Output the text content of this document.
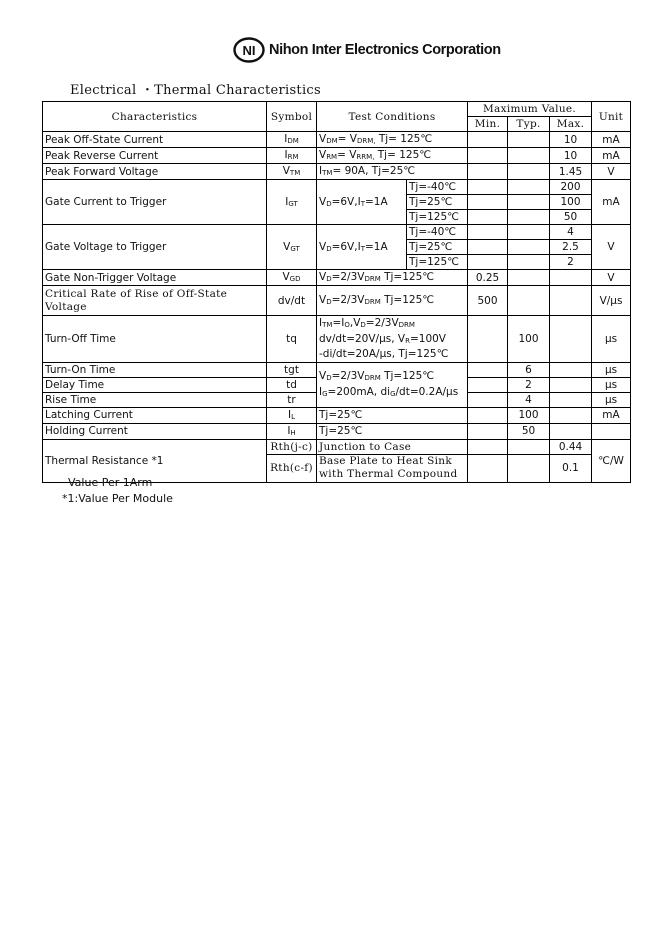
NI Nihon Inter Electronics Corporation
Electrical ・Thermal Characteristics
Characteristics	Symbol	Test Conditions		Maximum Value.			Unit
				Min.	Typ.	Max.	
Peak Off-State Current	$I_{DM}$	$V_{DM}= V_{DRM,}$ Tj= 125℃				10	mA
Peak Reverse Current	$I_{RM}$	$V_{RM}= V_{RRM,}$ Tj= 125℃				10	mA
Peak Forward Voltage	$V_{TM}$	$I_{TM}= 90A$, Tj=25℃				1.45	V
Gate Current to Trigger	$I_{GT}$	$V_D=6V,I_T=1A$	Tj=-40℃			200	mA
			Tj=25℃			100	
			Tj=125℃			50	
Gate Voltage to Trigger	$V_{GT}$	$V_D=6V,I_T=1A$	Tj=-40℃			4	V
			Tj=25℃			2.5	
			Tj=125℃			2	
Gate Non-Trigger Voltage	$V_{GD}$	$V_D=2/3V_{DRM}$ Tj=125℃		0.25			V
Critical Rate of Rise of Off-State Voltage	dv/dt	$V_D=2/3V_{DRM}$ Tj=125℃		500			V/μs
Turn-Off Time	tq	$I_{TM}=I_O,V_D=2/3V_{DRM}$
dv/dt=20V/μs, $V_R=100V$
-di/dt=20A/μs, Tj=125℃			100		μs
Turn-On Time	tgt	$V_D=2/3V_{DRM}$ Tj=125℃
$I_G=200mA$, $di_G/dt=0.2A/\mu s$			6		μs
Delay Time	td				2		μs
Rise Time	tr				4		μs
Latching Current	$I_L$	Tj=25℃			100		mA
Holding Current	$I_H$	Tj=25℃			50		
Thermal Resistance *1	Rth(j-c)	Junction to Case				0.44	℃/W
	Rth(c-f)	Base Plate to Heat Sink with Thermal Compound				0.1	
Value Per 1Arm
*1:Value Per Module
